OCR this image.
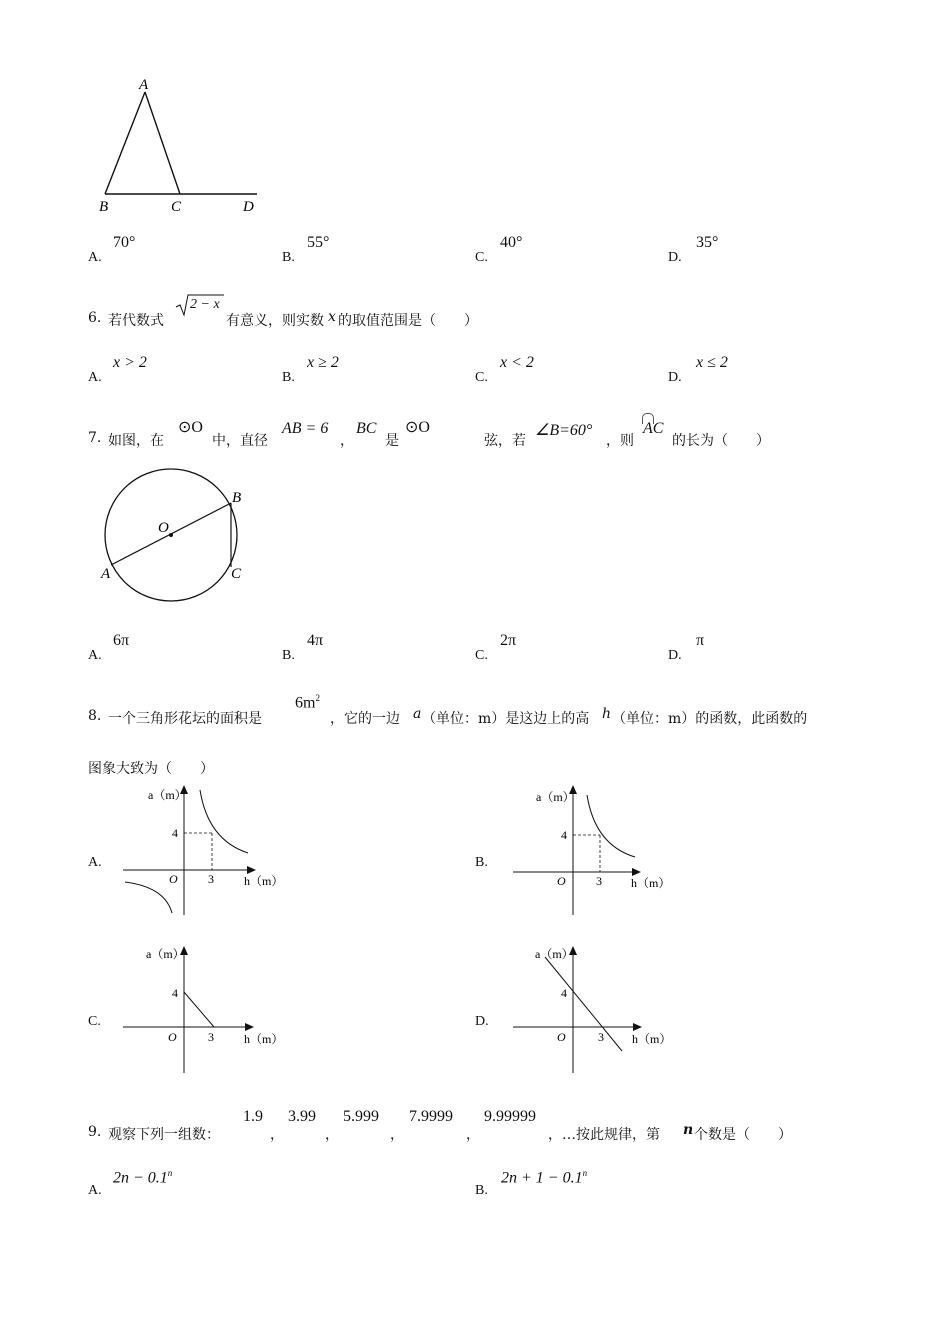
A
B	C	D
A.
70°
B.
55°
C.
40°
D.
35°
6. 若代数式
2 − x
有意义，则实数 x 的取值范围是（　　）
A.
x > 2
B.
x ≥ 2
C.
x < 2
D.
x ≤ 2
7. 如图，在
⊙O
中，直径
AB = 6
，
BC
是
⊙O
弦，若
∠B=60°
，则
AC
的长为（　　）
O
A
B
C
A.
6π
B.
4π
C.
2π
D.
π
8. 一个三角形花坛的面积是
$6m^2$
，它的一边 a （单位：m）是这边上的高 h （单位：m）的函数，此函数的
图象大致为（　　）
A.
a（m）
h（m）
O
4
3
B.
a（m）
h（m）
O
4
3
C.
a（m）
h（m）
O
4
3
D.
a（m）
h（m）
O
4
3
9. 观察下列一组数：
1.9
，
3.99
，
5.999
，
7.9999
，
9.99999
，…按此规律，第 n 个数是（　　）
A.
$2n - 0.1^n$
B.
$2n + 1 - 0.1^n$
